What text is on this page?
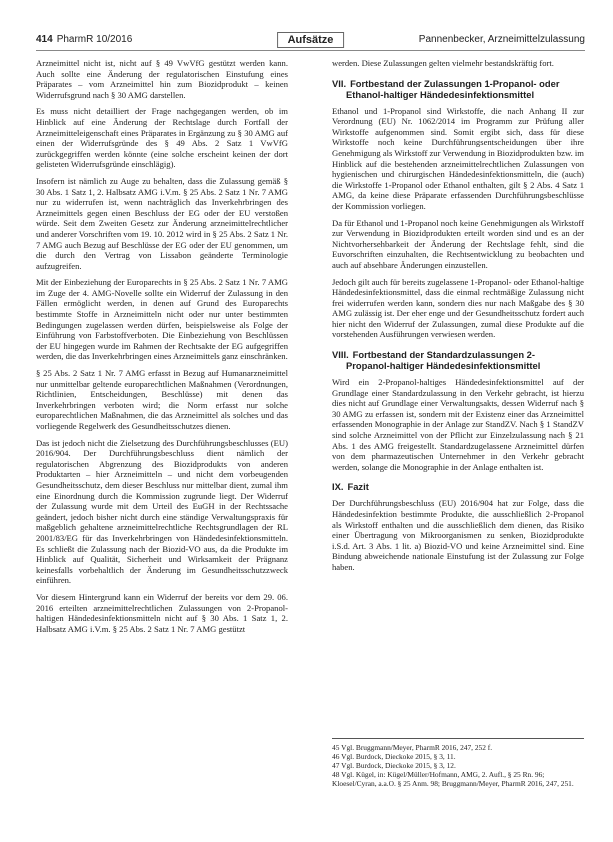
414 PharmR 10/2016	Aufsätze	Pannenbecker, Arzneimittelzulassung

Arzneimittel nicht ist, nicht auf § 49 VwVfG gestützt werden kann. Auch sollte eine Änderung der regulatorischen Einstufung eines Präparates – vom Arzneimittel hin zum Biozidprodukt – keinen Widerrufsgrund nach § 30 AMG darstellen.

Es muss nicht detailliert der Frage nachgegangen werden, ob im Hinblick auf eine Änderung der Rechtslage durch Fortfall der Arzneimitteleigenschaft eines Präparates in Ergänzung zu § 30 AMG auf einen der Widerrufsgründe des § 49 Abs. 2 Satz 1 VwVfG zurückgegriffen werden könnte (eine solche erscheint keinen der dort gelisteten Widerrufsgründe einschlägig).

Insofern ist nämlich zu Auge zu behalten, dass die Zulassung gemäß § 30 Abs. 1 Satz 1, 2. Halbsatz AMG i.V.m. § 25 Abs. 2 Satz 1 Nr. 7 AMG nur zu widerrufen ist, wenn nachträglich das Inverkehrbringen des Arzneimittels gegen einen Beschluss der EG oder der EU verstoßen würde. Seit dem Zweiten Gesetz zur Änderung arzneimittelrechtlicher und anderer Vorschriften vom 19. 10. 2012 wird in § 25 Abs. 2 Satz 1 Nr. 7 AMG auch Bezug auf Beschlüsse der EG oder der EU genommen, um die durch den Vertrag von Lissabon geänderte Terminologie aufzugreifen.

Mit der Einbeziehung der Europarechts in § 25 Abs. 2 Satz 1 Nr. 7 AMG im Zuge der 4. AMG-Novelle sollte ein Widerruf der Zulassung in den Fällen ermöglicht werden, in denen auf Grund des Europarechts bestimmte Stoffe in Arzneimitteln nicht oder nur unter bestimmten Bedingungen zugelassen werden dürfen, beispielsweise als Folge der Einführung von Farbstoffverboten. Die Einbeziehung von Beschlüssen der EU hingegen wurde im Rahmen der Rechtsakte der EG aufgegriffen werden, die das Inverkehrbringen eines Arzneimittels ganz einschränken.

§ 25 Abs. 2 Satz 1 Nr. 7 AMG erfasst in Bezug auf Humanarzneimittel nur unmittelbar geltende europarechtlichen Maßnahmen (Verordnungen, Richtlinien, Entscheidungen, Beschlüsse) mit denen das Inverkehrbringen verboten wird; die Norm erfasst nur solche europarechtlichen Maßnahmen, die das Arzneimittel als solches und das vorliegende Regelwerk des Gesundheitsschutzes dienen.

Das ist jedoch nicht die Zielsetzung des Durchführungsbeschlusses (EU) 2016/904. Der Durchführungsbeschluss dient nämlich der regulatorischen Abgrenzung des Biozidprodukts von anderen Produktarten – hier Arzneimitteln – und nicht dem vorbeugenden Gesundheitsschutz, dem dieser Beschluss nur mittelbar dient, zumal ihm eine Einordnung durch die Kommission zugrunde liegt. Der Widerruf der Zulassung wurde mit dem Urteil des EuGH in der Rechtssache geändert, jedoch bisher nicht durch eine ständige Verwaltungspraxis für maßgeblich gehaltene arzneimittelrechtliche Rechtsgrundlagen der RL 2001/83/EG für das Inverkehrbringen von Händedesinfektionsmitteln. Es schließt die Zulassung nach der Biozid-VO aus, da die Produkte im Hinblick auf Qualität, Sicherheit und Wirksamkeit der Prägnanz keinesfalls vorbehaltlich der Änderung im Gesundheitsschutzzweck einführen.

Vor diesem Hintergrund kann ein Widerruf der bereits vor dem 29. 06. 2016 erteilten arzneimittelrechtlichen Zulassungen von 2-Propanol-haltigen Händedesinfektionsmitteln nicht auf § 30 Abs. 1 Satz 1, 2. Halbsatz AMG i.V.m. § 25 Abs. 2 Satz 1 Nr. 7 AMG gestützt

werden. Diese Zulassungen gelten vielmehr bestandskräftig fort.

VII. Fortbestand der Zulassungen 1-Propanol- oder
Ethanol-haltiger Händedesinfektionsmittel

Ethanol und 1-Propanol sind Wirkstoffe, die nach Anhang II zur Verordnung (EU) Nr. 1062/2014 im Programm zur Prüfung aller Wirkstoffe aufgenommen sind. Somit ergibt sich, dass für diese Wirkstoffe noch keine Durchführungsentscheidungen über ihre Genehmigung als Wirkstoff zur Verwendung in Biozidprodukten bzw. im Hinblick auf die bestehenden arzneimittelrechtlichen Zulassungen von hygienischen und chirurgischen Händedesinfektionsmitteln, die (auch) die Wirkstoffe 1-Propanol oder Ethanol enthalten, gilt § 2 Abs. 4 Satz 1 AMG, da keine diese Präparate erfassenden Durchführungsbeschlüsse der Kommission vorliegen.

Da für Ethanol und 1-Propanol noch keine Genehmigungen als Wirkstoff zur Verwendung in Biozidprodukten erteilt worden sind und es an der Nichtvorhersehbarkeit der Änderung der Rechtslage fehlt, sind die Euvorschriften einzuhalten, die Rechtsentwicklung zu beobachten und auch auf absehbare Änderungen einzustellen.

Jedoch gilt auch für bereits zugelassene 1-Propanol- oder Ethanol-haltige Händedesinfektionsmittel, dass die einmal rechtmäßige Zulassung nicht frei widerrufen werden kann, sondern dies nur nach Maßgabe des § 30 AMG zulässig ist. Der eher enge und der Gesundheitsschutz fordert auch hier nicht den Widerruf der Zulassungen, zumal diese Produkte auf die vorstehenden Ausführungen verwiesen werden.

VIII. Fortbestand der Standardzulassungen 2-
Propanol-haltiger Händedesinfektionsmittel

Wird ein 2-Propanol-haltiges Händedesinfektionsmittel auf der Grundlage einer Standardzulassung in den Verkehr gebracht, ist hierzu dies nicht auf Grundlage einer Verwaltungsakts, dessen Widerruf nach § 30 AMG zu erfassen ist, sondern mit der Existenz einer das Arzneimittel erfassenden Monographie in der Anlage zur StandZV. Nach § 1 StandZV sind solche Arzneimittel von der Pflicht zur Einzelzulassung nach § 21 Abs. 1 des AMG freigestellt. Standardzugelassene Arzneimittel dürfen von dem pharmazeutischen Unternehmer in den Verkehr gebracht werden, solange die Monographie in der Anlage enthalten ist.

IX. Fazit

Der Durchführungsbeschluss (EU) 2016/904 hat zur Folge, dass die Händedesinfektion bestimmte Produkte, die ausschließlich 2-Propanol als Wirkstoff enthalten und die ausschließlich dem dienen, das Risiko einer Übertragung von Mikroorganismen zu senken, Biozidprodukte i.S.d. Art. 3 Abs. 1 lit. a) Biozid-VO und keine Arzneimittel sind. Eine Bindung abweichende nationale Einstufung ist der Zulassung zur Folge haben.

45 Vgl. Bruggmann/Meyer, PharmR 2016, 247, 252 f.
46 Vgl. Burdock, Dieckoke 2015, § 3, 11.
47 Vgl. Burdock, Dieckoke 2015, § 3, 12.
48 Vgl. Kügel, in: Kügel/Müller/Hofmann, AMG, 2. Aufl., § 25 Rn. 96; Kloesel/Cyran, a.a.O. § 25 Anm. 98; Bruggmann/Meyer, PharmR 2016, 247, 251.
